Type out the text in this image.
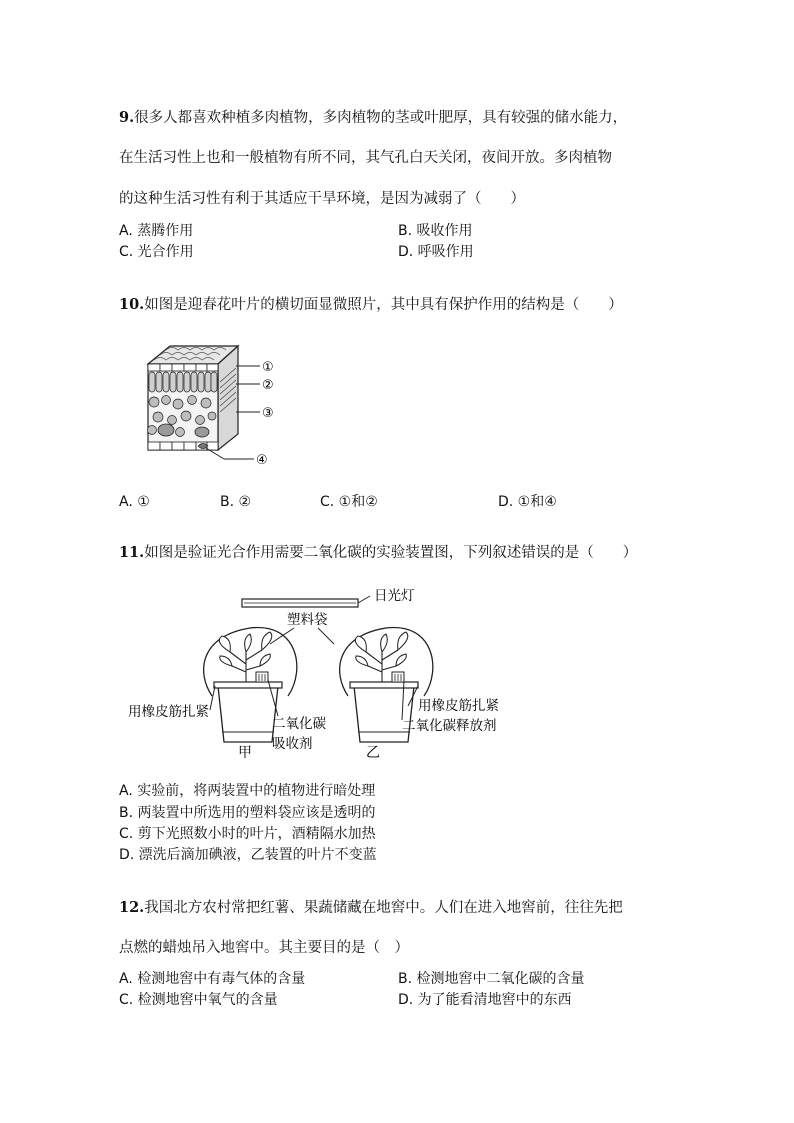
9.很多人都喜欢种植多肉植物，多肉植物的茎或叶肥厚，具有较强的储水能力，
在生活习性上也和一般植物有所不同，其气孔白天关闭，夜间开放。多肉植物
的这种生活习性有利于其适应干旱环境，是因为减弱了（　　）
A. 蒸腾作用	B. 吸收作用
C. 光合作用	D. 呼吸作用
10.如图是迎春花叶片的横切面显微照片，其中具有保护作用的结构是（　　）
①
②
③
④
A. ①	B. ②	C. ①和②	D. ①和④
11.如图是验证光合作用需要二氧化碳的实验装置图，下列叙述错误的是（　　）
日光灯
塑料袋
用橡皮筋扎紧
二氧化碳
吸收剂
甲
用橡皮筋扎紧
二氧化碳释放剂
乙
A. 实验前，将两装置中的植物进行暗处理
B. 两装置中所选用的塑料袋应该是透明的
C. 剪下光照数小时的叶片，酒精隔水加热
D. 漂洗后滴加碘液，乙装置的叶片不变蓝
12.我国北方农村常把红薯、果蔬储藏在地窖中。人们在进入地窖前，往往先把
点燃的蜡烛吊入地窖中。其主要目的是（　）
A. 检测地窖中有毒气体的含量	B. 检测地窖中二氧化碳的含量
C. 检测地窖中氧气的含量	D. 为了能看清地窖中的东西
